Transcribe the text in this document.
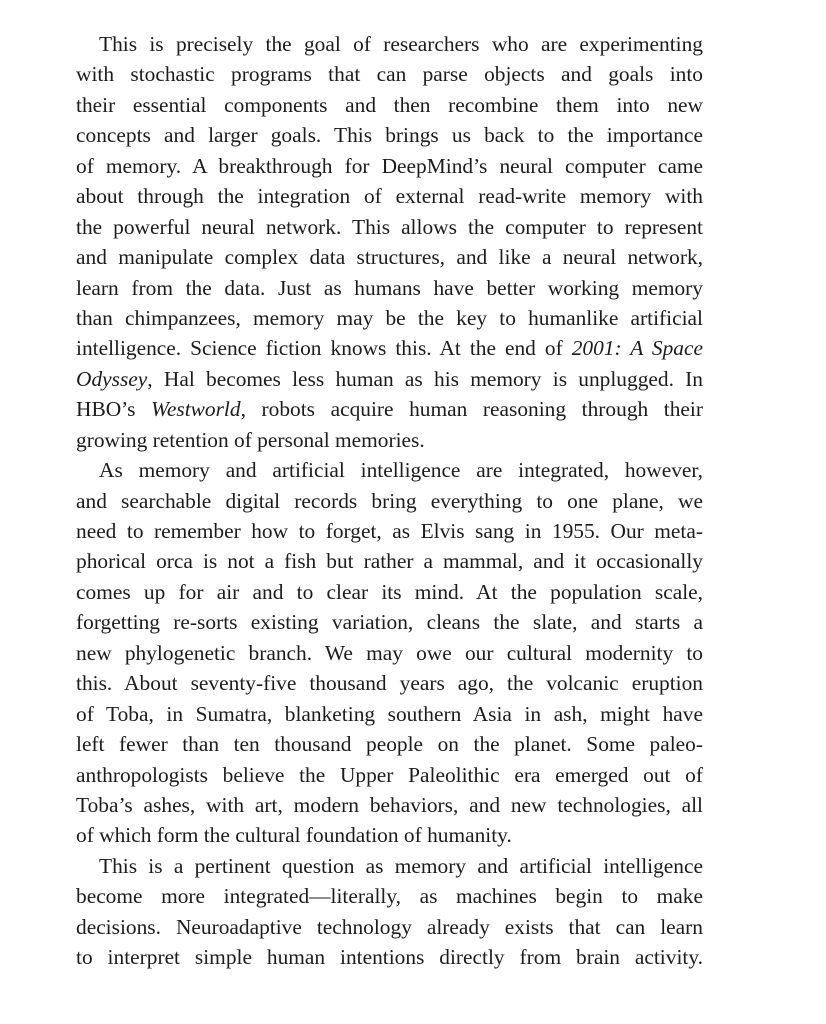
This is precisely the goal of researchers who are experimenting
with stochastic programs that can parse objects and goals into
their essential components and then recombine them into new
concepts and larger goals. This brings us back to the importance
of memory. A breakthrough for DeepMind’s neural computer came
about through the integration of external read-write memory with
the powerful neural network. This allows the computer to represent
and manipulate complex data structures, and like a neural network,
learn from the data. Just as humans have better working memory
than chimpanzees, memory may be the key to humanlike artificial
intelligence. Science fiction knows this. At the end of 2001: A Space
Odyssey, Hal becomes less human as his memory is unplugged. In
HBO’s Westworld, robots acquire human reasoning through their
growing retention of personal memories.
As memory and artificial intelligence are integrated, however,
and searchable digital records bring everything to one plane, we
need to remember how to forget, as Elvis sang in 1955. Our meta-
phorical orca is not a fish but rather a mammal, and it occasionally
comes up for air and to clear its mind. At the population scale,
forgetting re-sorts existing variation, cleans the slate, and starts a
new phylogenetic branch. We may owe our cultural modernity to
this. About seventy-five thousand years ago, the volcanic eruption
of Toba, in Sumatra, blanketing southern Asia in ash, might have
left fewer than ten thousand people on the planet. Some paleo-
anthropologists believe the Upper Paleolithic era emerged out of
Toba’s ashes, with art, modern behaviors, and new technologies, all
of which form the cultural foundation of humanity.
This is a pertinent question as memory and artificial intelligence
become more integrated—literally, as machines begin to make
decisions. Neuroadaptive technology already exists that can learn
to interpret simple human intentions directly from brain activity.
